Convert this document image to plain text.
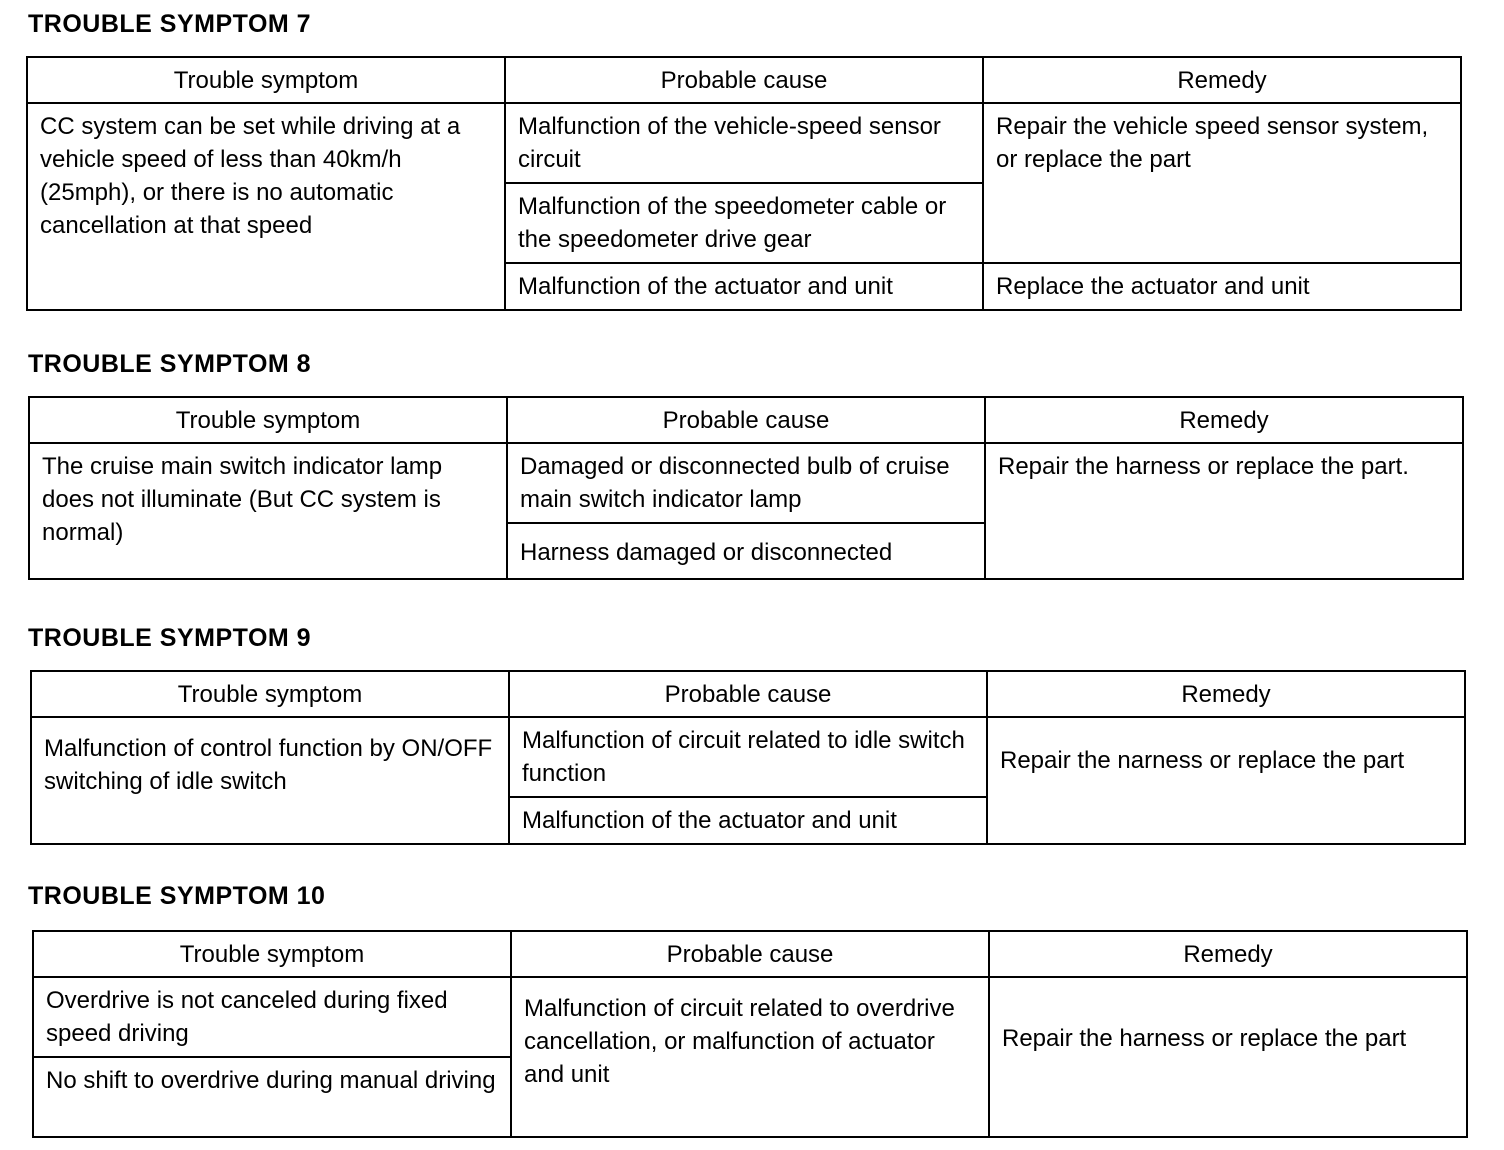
TROUBLE SYMPTOM 7
Trouble symptom	Probable cause	Remedy
CC system can be set while driving at a vehicle speed of less than 40km/h (25mph), or there is no automatic cancellation at that speed	Malfunction of the vehicle-speed sensor circuit	Repair the vehicle speed sensor system, or replace the part
	Malfunction of the speedometer cable or the speedometer drive gear	
	Malfunction of the actuator and unit	Replace the actuator and unit
TROUBLE SYMPTOM 8
Trouble symptom	Probable cause	Remedy
The cruise main switch indicator lamp does not illuminate (But CC system is normal)	Damaged or disconnected bulb of cruise main switch indicator lamp	Repair the harness or replace the part.
	Harness damaged or disconnected	
TROUBLE SYMPTOM 9
Trouble symptom	Probable cause	Remedy
Malfunction of control function by ON/OFF switching of idle switch	Malfunction of circuit related to idle switch function	Repair the narness or replace the part
	Malfunction of the actuator and unit	
TROUBLE SYMPTOM 10
Trouble symptom	Probable cause	Remedy
Overdrive is not canceled during fixed speed driving	Malfunction of circuit related to overdrive cancellation, or malfunction of actuator and unit	Repair the harness or replace the part
No shift to overdrive during manual driving		
